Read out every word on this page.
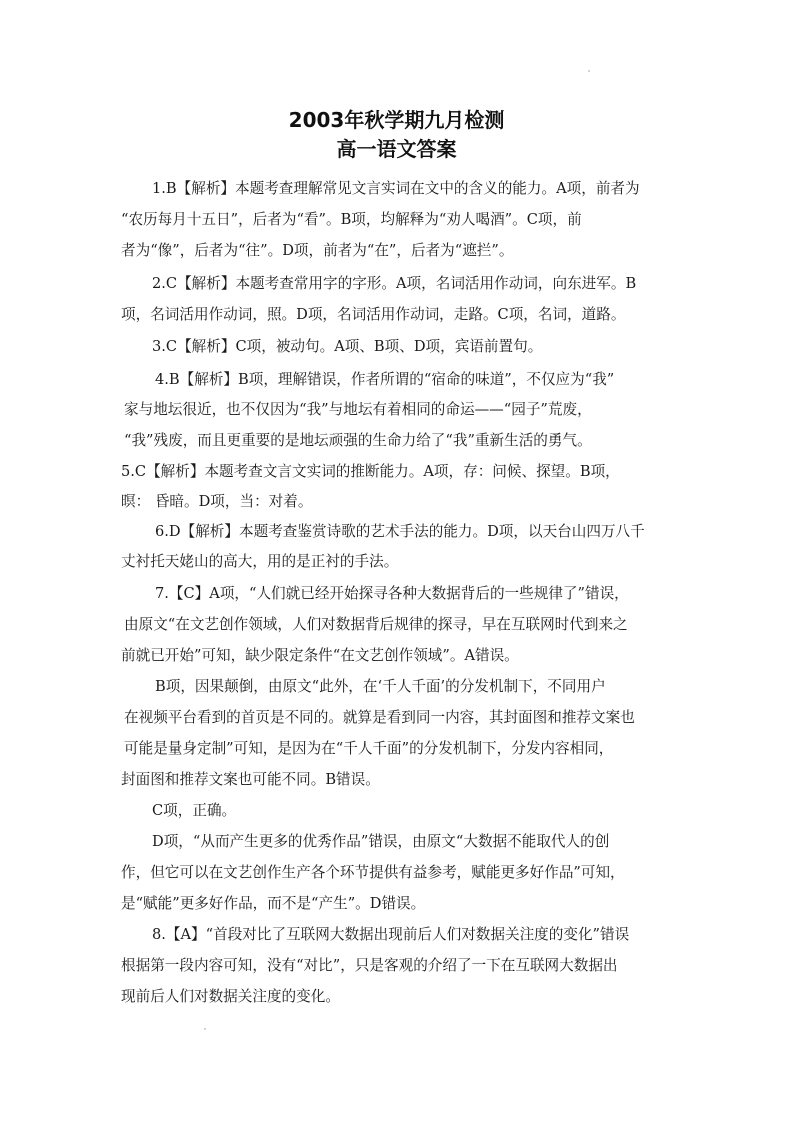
2003年秋学期九月检测
高一语文答案
1.B【解析】本题考查理解常见文言实词在文中的含义的能力。A项，前者为
“农历每月十五日”，后者为“看”。B项，均解释为“劝人喝酒”。C项，前
者为“像”，后者为“往”。D项，前者为“在”，后者为“遮拦”。
2.C【解析】本题考查常用字的字形。A项，名词活用作动词，向东进军。B
项，名词活用作动词，照。D项，名词活用作动词，走路。C项，名词，道路。
3.C【解析】C项，被动句。A项、B项、D项，宾语前置句。
4.B【解析】B项，理解错误，作者所谓的“宿命的味道”，不仅应为“我”
家与地坛很近，也不仅因为“我”与地坛有着相同的命运——“园子”荒废，
“我”残废，而且更重要的是地坛顽强的生命力给了“我”重新生活的勇气。
5.C【解析】本题考查文言文实词的推断能力。A项，存：问候、探望。B项，
暝： 昏暗。D项，当：对着。
6.D【解析】本题考查鉴赏诗歌的艺术手法的能力。D项，以天台山四万八千
丈衬托天姥山的高大，用的是正衬的手法。
7.【C】A项，“人们就已经开始探寻各种大数据背后的一些规律了”错误，
由原文“在文艺创作领域，人们对数据背后规律的探寻，早在互联网时代到来之
前就已开始”可知，缺少限定条件“在文艺创作领域”。A错误。
B项，因果颠倒，由原文“此外，在‘千人千面’的分发机制下，不同用户
在视频平台看到的首页是不同的。就算是看到同一内容，其封面图和推荐文案也
可能是量身定制”可知，是因为在“千人千面”的分发机制下，分发内容相同，
封面图和推荐文案也可能不同。B错误。
C项，正确。
D项，“从而产生更多的优秀作品”错误，由原文“大数据不能取代人的创
作，但它可以在文艺创作生产各个环节提供有益参考，赋能更多好作品”可知，
是“赋能”更多好作品，而不是“产生”。D错误。
8.【A】“首段对比了互联网大数据出现前后人们对数据关注度的变化”错误
根据第一段内容可知，没有“对比”，只是客观的介绍了一下在互联网大数据出
现前后人们对数据关注度的变化。
